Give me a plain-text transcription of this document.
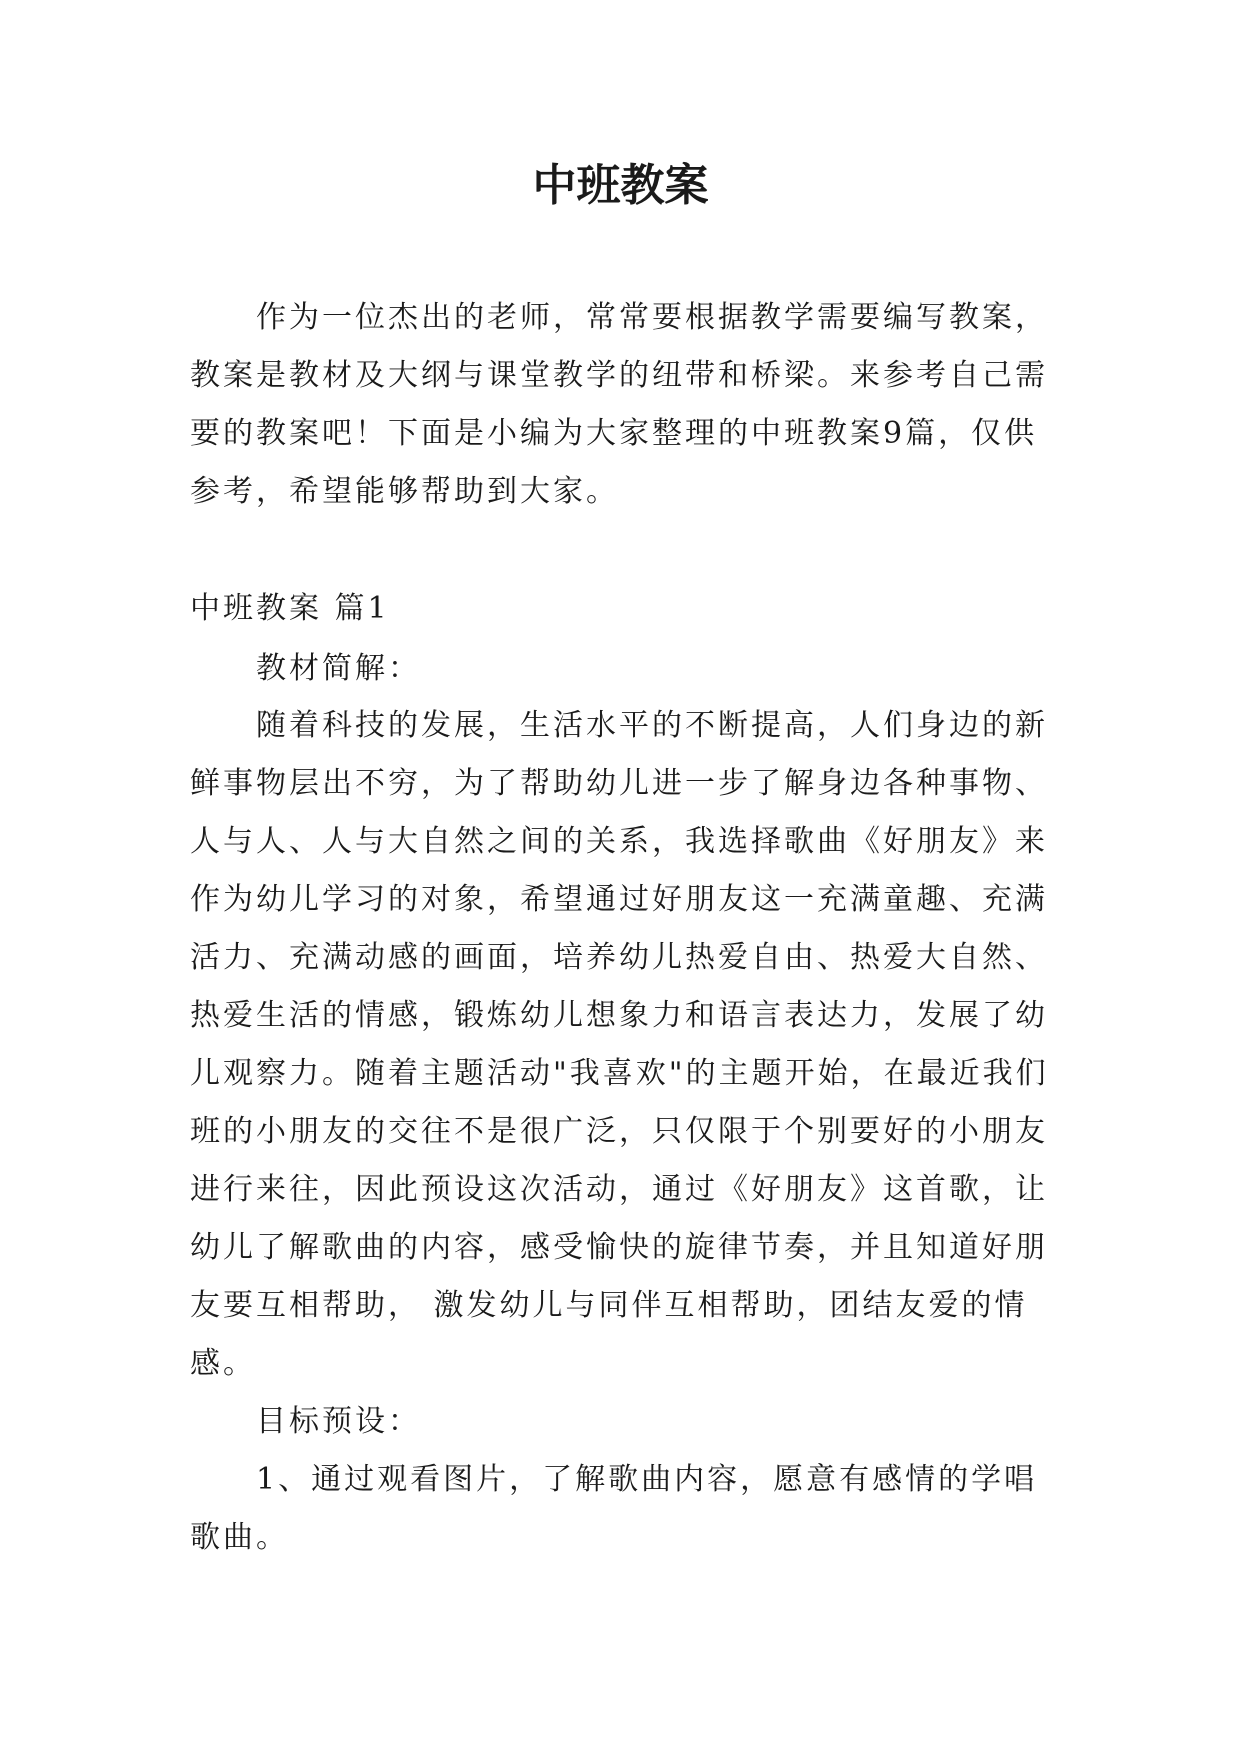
中班教案

作为一位杰出的老师，常常要根据教学需要编写教案，教案是教材及大纲与课堂教学的纽带和桥梁。来参考自己需要的教案吧！下面是小编为大家整理的中班教案9篇，仅供参考，希望能够帮助到大家。

中班教案 篇1

教材简解：

随着科技的发展，生活水平的不断提高，人们身边的新鲜事物层出不穷，为了帮助幼儿进一步了解身边各种事物、人与人、人与大自然之间的关系，我选择歌曲《好朋友》来作为幼儿学习的对象，希望通过好朋友这一充满童趣、充满活力、充满动感的画面，培养幼儿热爱自由、热爱大自然、热爱生活的情感，锻炼幼儿想象力和语言表达力，发展了幼儿观察力。随着主题活动"我喜欢"的主题开始，在最近我们班的小朋友的交往不是很广泛，只仅限于个别要好的小朋友进行来往，因此预设这次活动，通过《好朋友》这首歌，让幼儿了解歌曲的内容，感受愉快的旋律节奏，并且知道好朋友要互相帮助， 激发幼儿与同伴互相帮助，团结友爱的情感。

目标预设：

1、通过观看图片，了解歌曲内容，愿意有感情的学唱歌曲。
